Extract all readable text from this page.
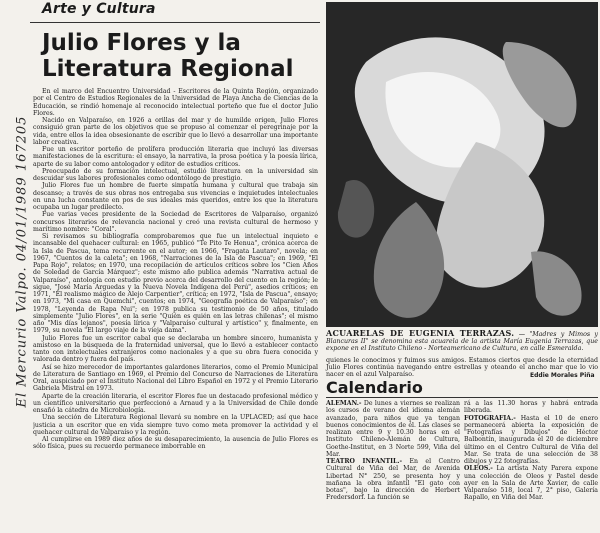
Arte y Cultura
Julio Flores y la Literatura Regional
El Mercurio Valpo. 04/01/1989 167205

En el marco del Encuentro Universidad - Escritores de la Quinta Región, organizado por el Centro de Estudios Regionales de la Universidad de Playa Ancha de Ciencias de la Educación, se rindió homenaje al reconocido intelectual porteño que fue el doctor Julio Flores.

Nacido en Valparaíso, en 1926 a orillas del mar y de humilde origen, Julio Flores consiguió gran parte de los objetivos que se propuso al comenzar el peregrinaje por la vida, entre ellos la idea obsesionante de escribir que lo llevó a desarrollar una importante labor creativa.

Fue un escritor porteño de prolífera producción literaria que incluyó las diversas manifestaciones de la escritura: el ensayo, la narrativa, la prosa poética y la poesía lírica, aparte de su labor como antologador y editor de estudios críticos.

Preocupado de su formación intelectual, estudió literatura en la universidad sin descuidar sus labores profesionales como odontólogo de prestigio.

Julio Flores fue un hombre de fuerte simpatía humana y cultural que trabaja sin descanso; a través de sus obras nos entregaba sus vivencias e inquietudes intelectuales en una lucha constante en pos de sus ideales más queridos, entre los que la literatura ocupaba un lugar predilecto.

Fue varias veces presidente de la Sociedad de Escritores de Valparaíso, organizó concursos literarios de relevancia nacional y creó una revista cultural de hermoso y marítimo nombre: "Coral".

Si revisamos su bibliografía comprobaremos que fue un intelectual inquieto e incansable del quehacer cultural: en 1965, publicó "Te Pito Te Henua", crónica acerca de la Isla de Pascua, tema recurrente en el autor; en 1966, "Fragata Lautaro", novela; en 1967, "Cuentos de la caleta"; en 1968, "Narraciones de la Isla de Pascua"; en 1969, "El Papa Rojo", relatos; en 1970, una recopilación de artículos críticos sobre los "Cien Años de Soledad de García Márquez"; este mismo año publica además "Narrativa actual de Valparaíso", antología con estudio previo acerca del desarrollo del cuento en la región; le sigue, "José María Arguedas y la Nueva Novela Indígena del Perú", asedios críticos; en 1971, "El realismo mágico de Alejo Carpentier", crítica; en 1972, "Isla de Pascua", ensayo; en 1973, "Mi casa en Quemchi", cuentos; en 1974, "Geografía poética de Valparaíso"; en 1978, "Leyenda de Rapa Nui"; en 1978 publica su testimonio de 50 años, titulado simplemente "Julio Flores", en la serie "Quién es quién en las letras chilenas"; el mismo año "Mis días lejanos", poesía lírica y "Valparaíso cultural y artístico" y, finalmente, en 1979, su novela "El largo viaje de la vieja dama".

Julio Flores fue un escritor cabal que se declaraba un hombre sincero, humanista y amistoso en la búsqueda de la fraternidad universal, que lo llevó a establecer contacto tanto con intelectuales extranjeros como nacionales y a que su obra fuera conocida y valorada dentro y fuera del país.

Así se hizo merecedor de importantes galardones literarios, como el Premio Municipal de Literatura de Santiago en 1969, el Premio del Concurso de Narraciones de Literatura Oral, auspiciado por el Instituto Nacional del Libro Español en 1972 y el Premio Literario Gabriela Mistral en 1973.

Aparte de la creación literaria, el escritor Flores fue un destacado profesional médico y un científico universitario que perfeccionó a Arnaud y a la Universidad de Chile donde ensañó la cátedra de Microbiología.

Una sección de Literatura Regional llevará su nombre en la UPLACED; así que hace justicia a un escritor que en vida siempre tuvo como meta promover la actividad y el quehacer cultural de Valparaíso y la región.

Al cumplirse en 1989 diez años de su desaparecimiento, la ausencia de Julio Flores es sólo física, pues su recuerdo permanece imborrable en

ACUARELAS DE EUGENIA TERRAZAS. — "Madres y Mimos y Blancuras II" se denomina esta acuarela de la artista María Eugenia Terrazas, que expone en el Instituto Chileno - Norteamericano de Cultura, en calle Esmeralda.
quienes le conocimos y fuimos sus amigos. Estamos ciertos que desde la eternidad Julio Flores continúa navegando entre estrellas y oteando el ancho mar que lo vio nacer en el azul Valparaíso.	Eddie Morales Piña
Calendario

ALEMAN.- De lunes a viernes se realizan los cursos de verano del idioma alemán avanzado, para niños que ya tengan buenos conocimientos de él. Las clases se realizan entre 9 y 10.30 horas en el Instituto Chileno-Alemán de Cultura, Goethe-Institut, en 3 Norte 599, Viña del Mar.

TEATRO INFANTIL.- En el Centro Cultural de Viña del Mar, de Avenida Libertad N° 250, se presenta hoy y mañana la obra infantil "El gato con botas", bajo la dirección de Herbert Fredersdorf. La función se

rá a las 11.30 horas y habrá entrada liberada.

FOTOGRAFIA.- Hasta el 10 de enero permanecerá abierta la exposición de "Fotografías y Dibujos" de Héctor Balbontín, inaugurada el 20 de diciembre último en el Centro Cultural de Viña del Mar. Se trata de una selección de 38 dibujos y 22 fotografías.

OLEOS.- La artista Naty Parera expone una colección de Oleos y Pastel desde ayer en la Sala de Arte Xavier, de calle Valparaíso 518, local 7, 2° piso, Galería Rapallo, en Viña del Mar.
